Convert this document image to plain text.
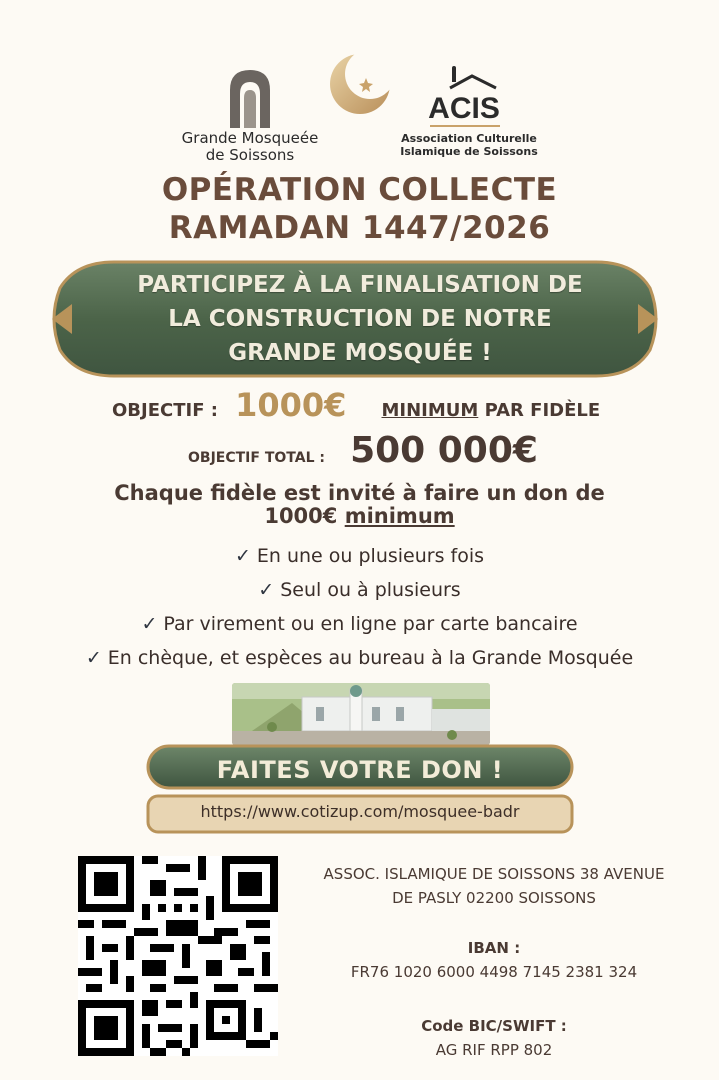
Grande Mosqueée
de Soissons
ACIS
Association Culturelle
Islamique de Soissons
OPÉRATION COLLECTE
RAMADAN 1447/2026
PARTICIPEZ À LA FINALISATION DE
LA CONSTRUCTION DE NOTRE
GRANDE MOSQUÉE !
OBJECTIF : 1000€ MINIMUM PAR FIDÈLE
OBJECTIF TOTAL : 500 000€
Chaque fidèle est invité à faire un don de
1000€ minimum
✓ En une ou plusieurs fois
✓ Seul ou à plusieurs
✓ Par virement ou en ligne par carte bancaire
✓ En chèque, et espèces au bureau à la Grande Mosquée
FAITES VOTRE DON !
https://www.cotizup.com/mosquee-badr
ASSOC. ISLAMIQUE DE SOISSONS 38 AVENUE
DE PASLY 02200 SOISSONS
IBAN :
FR76 1020 6000 4498 7145 2381 324
Code BIC/SWIFT :
AG RIF RPP 802
